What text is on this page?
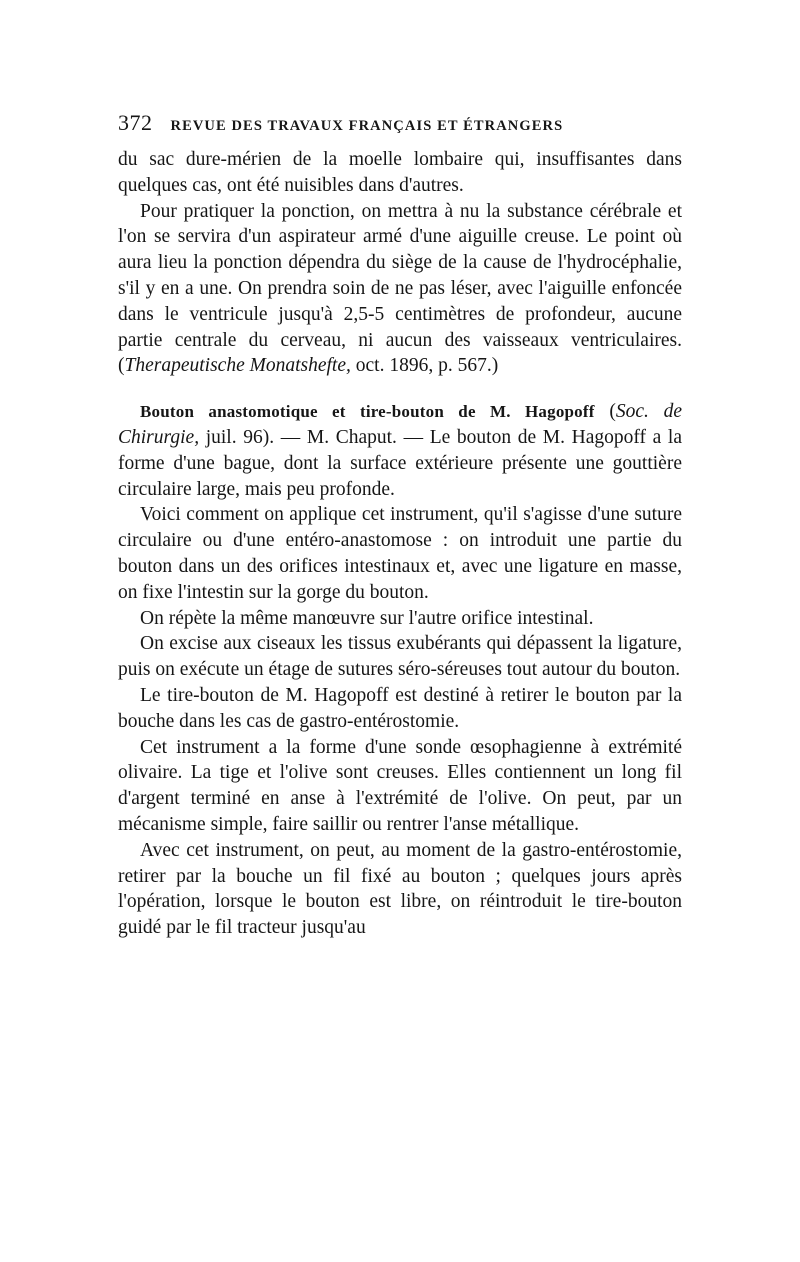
372 REVUE DES TRAVAUX FRANÇAIS ET ÉTRANGERS

du sac dure-mérien de la moelle lombaire qui, insuffisantes dans quelques cas, ont été nuisibles dans d'autres.

Pour pratiquer la ponction, on mettra à nu la substance cérébrale et l'on se servira d'un aspirateur armé d'une aiguille creuse. Le point où aura lieu la ponction dépendra du siège de la cause de l'hydrocéphalie, s'il y en a une. On prendra soin de ne pas léser, avec l'aiguille enfoncée dans le ventricule jusqu'à 2,5-5 centimètres de profondeur, aucune partie centrale du cerveau, ni aucun des vaisseaux ventriculaires. (Therapeutische Monatshefte, oct. 1896, p. 567.)

Bouton anastomotique et tire-bouton de M. Hagopoff (Soc. de Chirurgie, juil. 96). — M. Chaput. — Le bouton de M. Hagopoff a la forme d'une bague, dont la surface extérieure présente une gouttière circulaire large, mais peu profonde.

Voici comment on applique cet instrument, qu'il s'agisse d'une suture circulaire ou d'une entéro-anastomose : on introduit une partie du bouton dans un des orifices intestinaux et, avec une ligature en masse, on fixe l'intestin sur la gorge du bouton.

On répète la même manœuvre sur l'autre orifice intestinal.

On excise aux ciseaux les tissus exubérants qui dépassent la ligature, puis on exécute un étage de sutures séro-séreuses tout autour du bouton.

Le tire-bouton de M. Hagopoff est destiné à retirer le bouton par la bouche dans les cas de gastro-entérostomie.

Cet instrument a la forme d'une sonde œsophagienne à extrémité olivaire. La tige et l'olive sont creuses. Elles contiennent un long fil d'argent terminé en anse à l'extrémité de l'olive. On peut, par un mécanisme simple, faire saillir ou rentrer l'anse métallique.

Avec cet instrument, on peut, au moment de la gastro-entérostomie, retirer par la bouche un fil fixé au bouton ; quelques jours après l'opération, lorsque le bouton est libre, on réintroduit le tire-bouton guidé par le fil tracteur jusqu'au
